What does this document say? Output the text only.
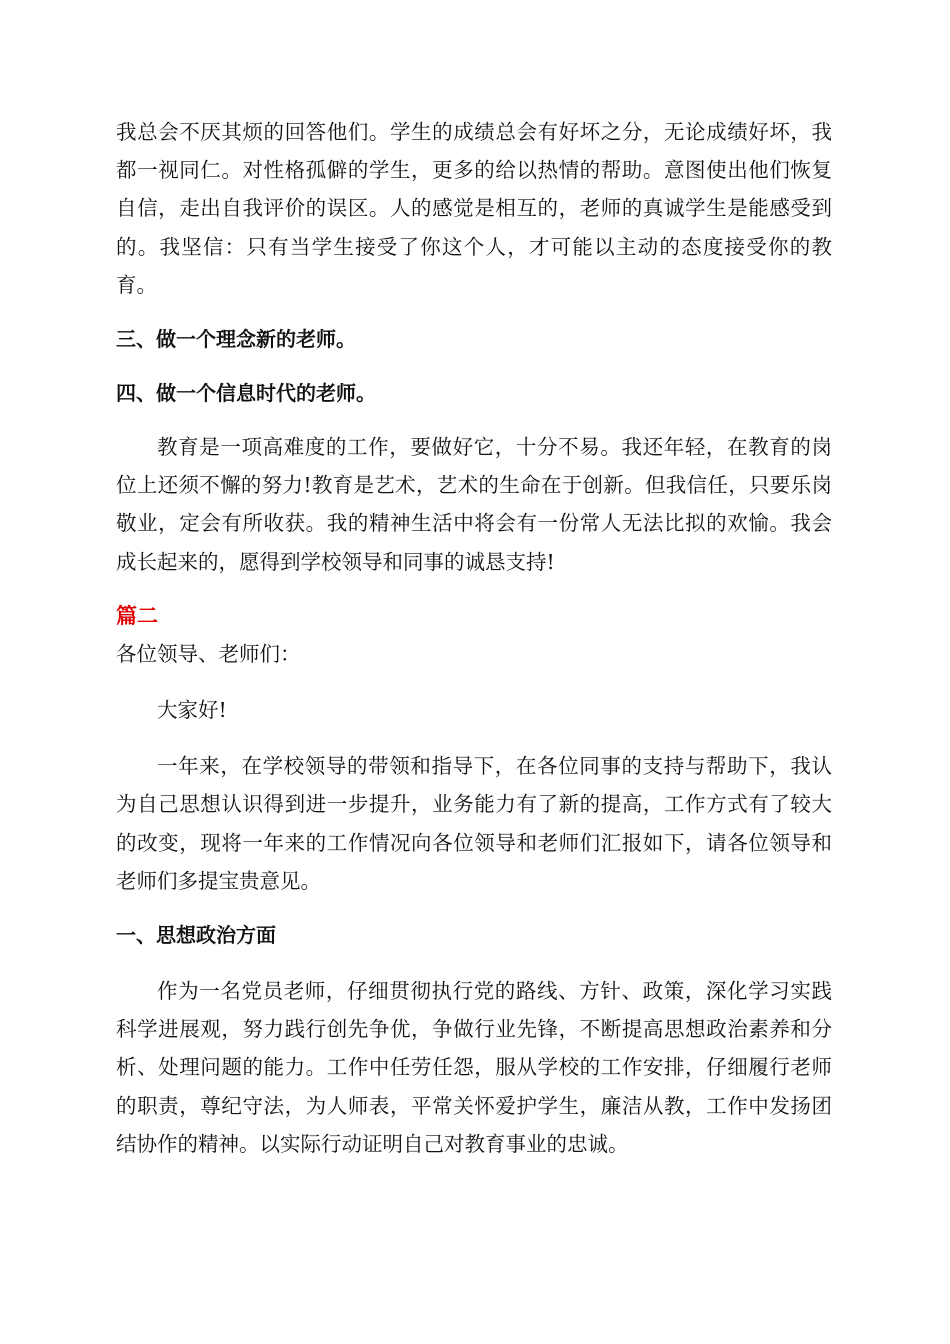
我总会不厌其烦的回答他们。学生的成绩总会有好坏之分，无论成绩好坏，我都一视同仁。对性格孤僻的学生，更多的给以热情的帮助。意图使出他们恢复自信，走出自我评价的误区。人的感觉是相互的，老师的真诚学生是能感受到的。我坚信：只有当学生接受了你这个人，才可能以主动的态度接受你的教育。

三、做一个理念新的老师。

四、做一个信息时代的老师。

教育是一项高难度的工作，要做好它，十分不易。我还年轻，在教育的岗位上还须不懈的努力!教育是艺术，艺术的生命在于创新。但我信任，只要乐岗敬业，定会有所收获。我的精神生活中将会有一份常人无法比拟的欢愉。我会成长起来的，愿得到学校领导和同事的诚恳支持!

篇二

各位领导、老师们：

大家好!

一年来，在学校领导的带领和指导下，在各位同事的支持与帮助下，我认为自己思想认识得到进一步提升，业务能力有了新的提高，工作方式有了较大的改变，现将一年来的工作情况向各位领导和老师们汇报如下，请各位领导和老师们多提宝贵意见。

一、思想政治方面

作为一名党员老师，仔细贯彻执行党的路线、方针、政策，深化学习实践科学进展观，努力践行创先争优，争做行业先锋，不断提高思想政治素养和分析、处理问题的能力。工作中任劳任怨，服从学校的工作安排，仔细履行老师的职责，尊纪守法，为人师表，平常关怀爱护学生，廉洁从教，工作中发扬团结协作的精神。以实际行动证明自己对教育事业的忠诚。
